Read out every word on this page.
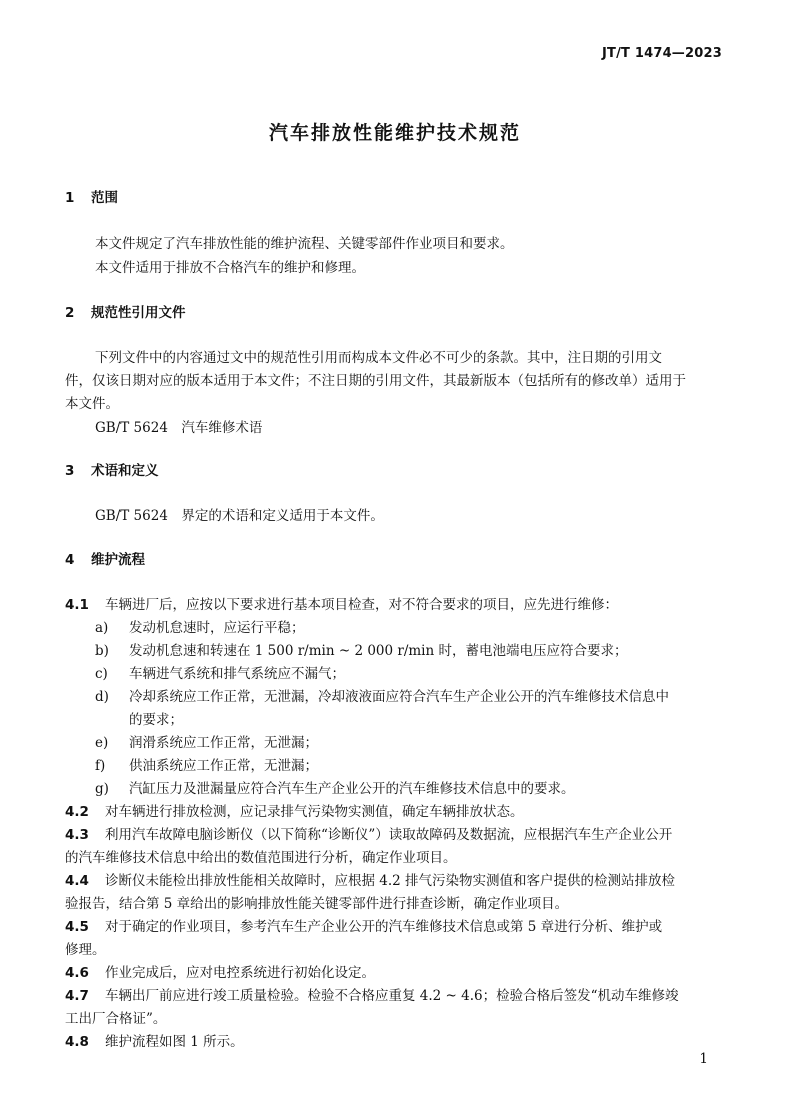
JT/T 1474—2023
汽车排放性能维护技术规范
1 范围
本文件规定了汽车排放性能的维护流程、关键零部件作业项目和要求。
本文件适用于排放不合格汽车的维护和修理。
2 规范性引用文件
下列文件中的内容通过文中的规范性引用而构成本文件必不可少的条款。其中，注日期的引用文
件，仅该日期对应的版本适用于本文件；不注日期的引用文件，其最新版本（包括所有的修改单）适用于
本文件。
GB/T 5624　汽车维修术语
3 术语和定义
GB/T 5624　界定的术语和定义适用于本文件。
4 维护流程
4.1 车辆进厂后，应按以下要求进行基本项目检查，对不符合要求的项目，应先进行维修：
a) 发动机怠速时，应运行平稳；
b) 发动机怠速和转速在 1 500 r/min ~ 2 000 r/min 时，蓄电池端电压应符合要求；
c) 车辆进气系统和排气系统应不漏气；
d) 冷却系统应工作正常，无泄漏，冷却液液面应符合汽车生产企业公开的汽车维修技术信息中
的要求；
e) 润滑系统应工作正常，无泄漏；
f) 供油系统应工作正常，无泄漏；
g) 汽缸压力及泄漏量应符合汽车生产企业公开的汽车维修技术信息中的要求。
4.2 对车辆进行排放检测，应记录排气污染物实测值，确定车辆排放状态。
4.3 利用汽车故障电脑诊断仪（以下简称“诊断仪”）读取故障码及数据流，应根据汽车生产企业公开
的汽车维修技术信息中给出的数值范围进行分析，确定作业项目。
4.4 诊断仪未能检出排放性能相关故障时，应根据 4.2 排气污染物实测值和客户提供的检测站排放检
验报告，结合第 5 章给出的影响排放性能关键零部件进行排查诊断，确定作业项目。
4.5 对于确定的作业项目，参考汽车生产企业公开的汽车维修技术信息或第 5 章进行分析、维护或
修理。
4.6 作业完成后，应对电控系统进行初始化设定。
4.7 车辆出厂前应进行竣工质量检验。检验不合格应重复 4.2 ~ 4.6；检验合格后签发“机动车维修竣
工出厂合格证”。
4.8 维护流程如图 1 所示。
1
